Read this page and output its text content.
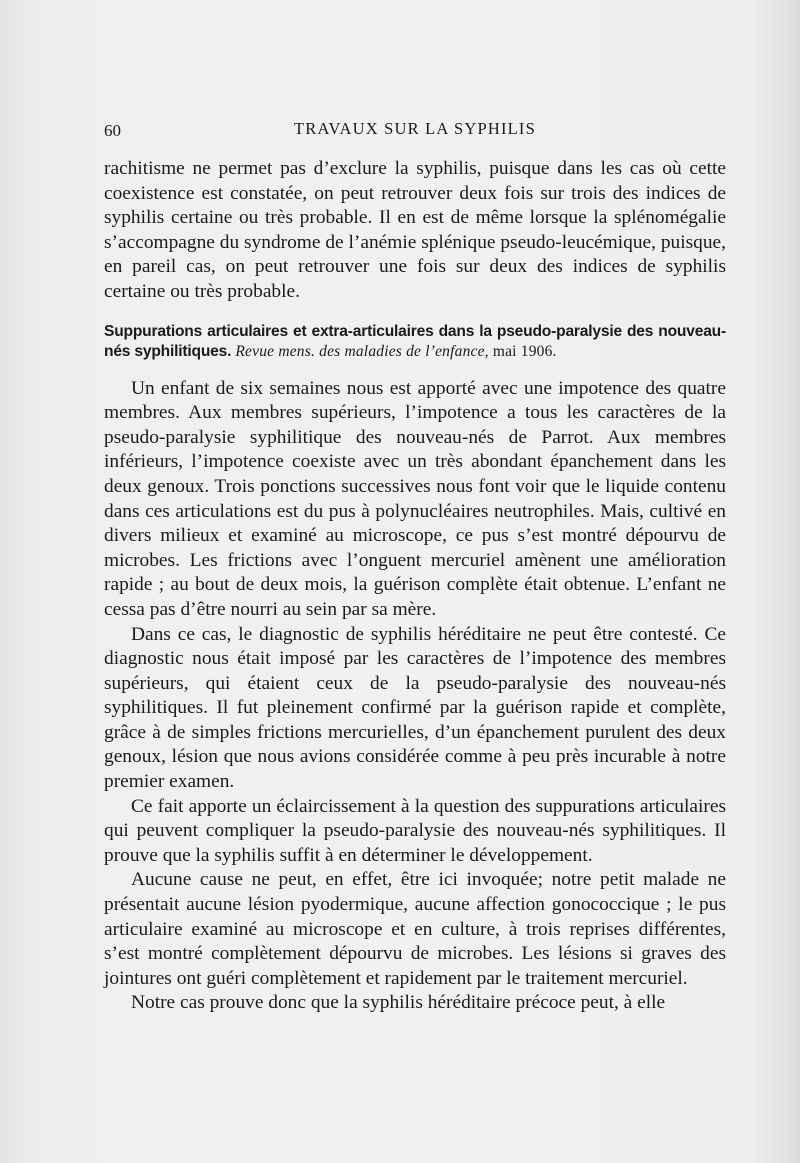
60	TRAVAUX SUR LA SYPHILIS

rachitisme ne permet pas d’exclure la syphilis, puisque dans les cas où cette coexistence est constatée, on peut retrouver deux fois sur trois des indices de syphilis certaine ou très probable. Il en est de même lorsque la splénomégalie s’accompagne du syndrome de l’anémie splénique pseudo-leucémique, puisque, en pareil cas, on peut retrouver une fois sur deux des indices de syphilis certaine ou très probable.

Suppurations articulaires et extra-articulaires dans la pseudo-paralysie des nouveau-nés syphilitiques. Revue mens. des maladies de l’enfance, mai 1906.

Un enfant de six semaines nous est apporté avec une impotence des quatre membres. Aux membres supérieurs, l’impotence a tous les caractères de la pseudo-paralysie syphilitique des nouveau-nés de Parrot. Aux membres inférieurs, l’impotence coexiste avec un très abondant épanchement dans les deux genoux. Trois ponctions successives nous font voir que le liquide contenu dans ces articulations est du pus à polynucléaires neutrophiles. Mais, cultivé en divers milieux et examiné au microscope, ce pus s’est montré dépourvu de microbes. Les frictions avec l’onguent mercuriel amènent une amélioration rapide ; au bout de deux mois, la guérison complète était obtenue. L’enfant ne cessa pas d’être nourri au sein par sa mère.

Dans ce cas, le diagnostic de syphilis héréditaire ne peut être contesté. Ce diagnostic nous était imposé par les caractères de l’impotence des membres supérieurs, qui étaient ceux de la pseudo-paralysie des nouveau-nés syphilitiques. Il fut pleinement confirmé par la guérison rapide et complète, grâce à de simples frictions mercurielles, d’un épanchement purulent des deux genoux, lésion que nous avions considérée comme à peu près incurable à notre premier examen.

Ce fait apporte un éclaircissement à la question des suppurations articulaires qui peuvent compliquer la pseudo-paralysie des nouveau-nés syphilitiques. Il prouve que la syphilis suffit à en déterminer le développement.

Aucune cause ne peut, en effet, être ici invoquée; notre petit malade ne présentait aucune lésion pyodermique, aucune affection gonococcique ; le pus articulaire examiné au microscope et en culture, à trois reprises différentes, s’est montré complètement dépourvu de microbes. Les lésions si graves des jointures ont guéri complètement et rapidement par le traitement mercuriel.

Notre cas prouve donc que la syphilis héréditaire précoce peut, à elle
